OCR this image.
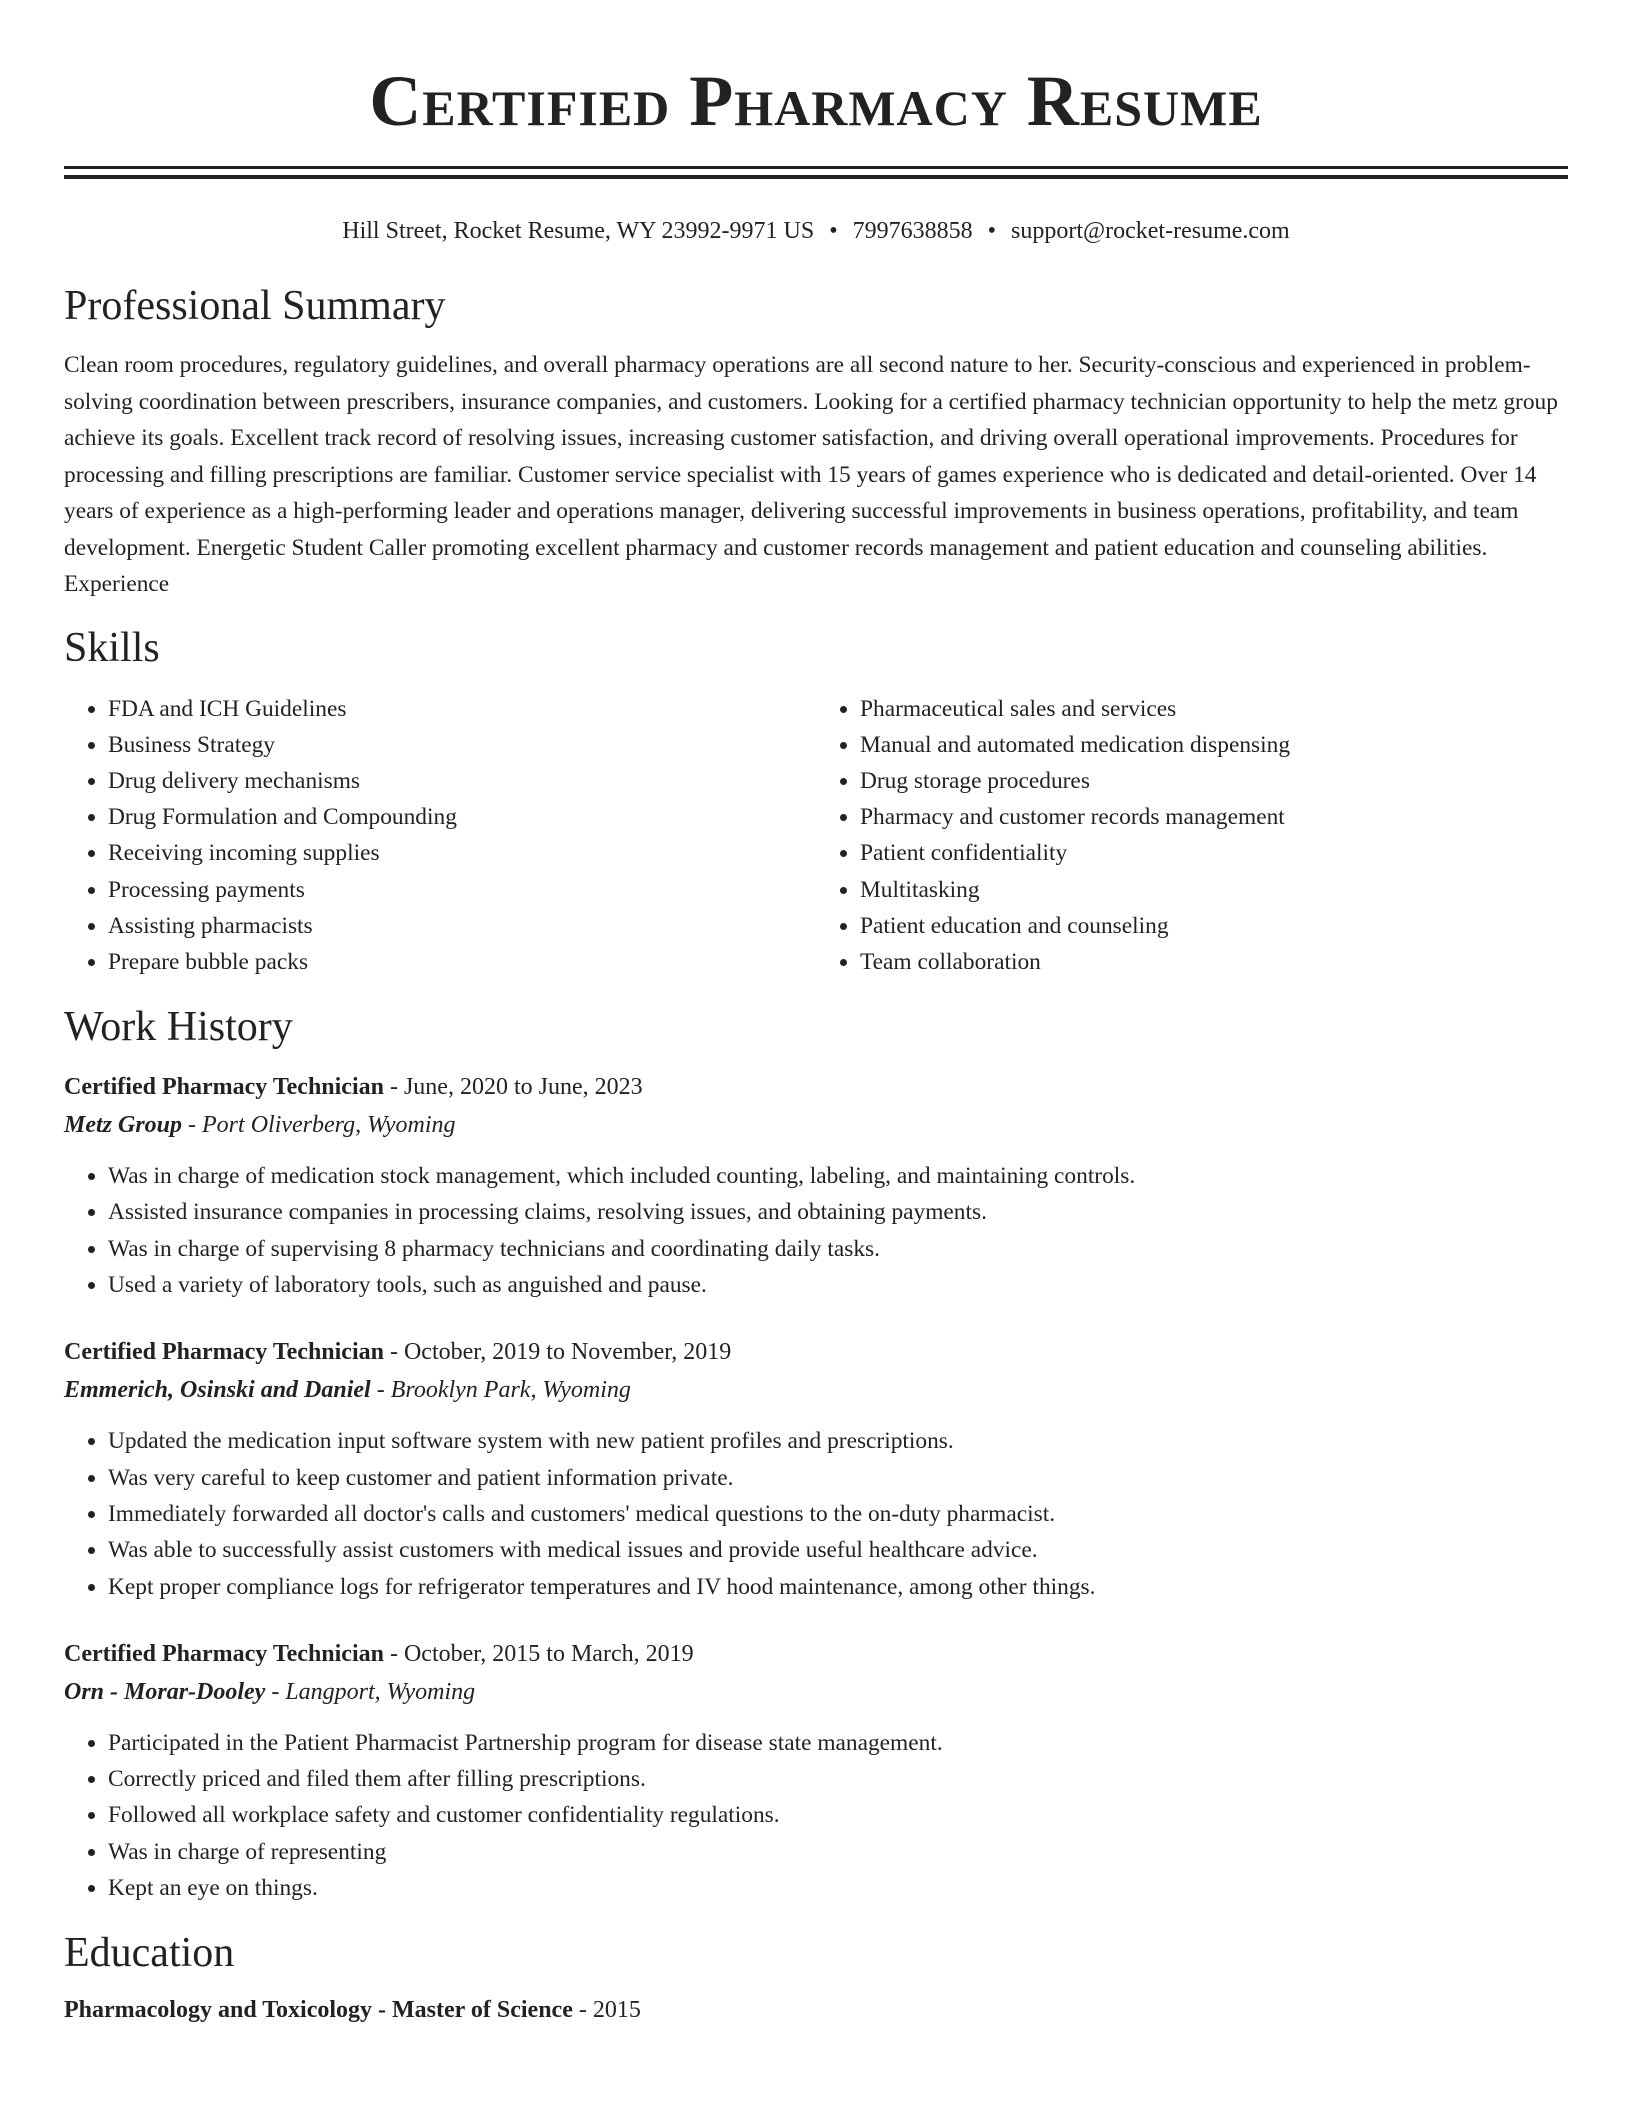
Certified Pharmacy Resume
Hill Street, Rocket Resume, WY 23992-9971 US • 7997638858 • support@rocket-resume.com
Professional Summary

Clean room procedures, regulatory guidelines, and overall pharmacy operations are all second nature to her. Security-conscious and experienced in problem-solving coordination between prescribers, insurance companies, and customers. Looking for a certified pharmacy technician opportunity to help the metz group achieve its goals. Excellent track record of resolving issues, increasing customer satisfaction, and driving overall operational improvements. Procedures for processing and filling prescriptions are familiar. Customer service specialist with 15 years of games experience who is dedicated and detail-oriented. Over 14 years of experience as a high-performing leader and operations manager, delivering successful improvements in business operations, profitability, and team development. Energetic Student Caller promoting excellent pharmacy and customer records management and patient education and counseling abilities. Experience

Skills
• FDA and ICH Guidelines
• Business Strategy
• Drug delivery mechanisms
• Drug Formulation and Compounding
• Receiving incoming supplies
• Processing payments
• Assisting pharmacists
• Prepare bubble packs
• Pharmaceutical sales and services
• Manual and automated medication dispensing
• Drug storage procedures
• Pharmacy and customer records management
• Patient confidentiality
• Multitasking
• Patient education and counseling
• Team collaboration
Work History

Certified Pharmacy Technician - June, 2020 to June, 2023

Metz Group - Port Oliverberg, Wyoming

• Was in charge of medication stock management, which included counting, labeling, and maintaining controls.
• Assisted insurance companies in processing claims, resolving issues, and obtaining payments.
• Was in charge of supervising 8 pharmacy technicians and coordinating daily tasks.
• Used a variety of laboratory tools, such as anguished and pause.

Certified Pharmacy Technician - October, 2019 to November, 2019

Emmerich, Osinski and Daniel - Brooklyn Park, Wyoming

• Updated the medication input software system with new patient profiles and prescriptions.
• Was very careful to keep customer and patient information private.
• Immediately forwarded all doctor's calls and customers' medical questions to the on-duty pharmacist.
• Was able to successfully assist customers with medical issues and provide useful healthcare advice.
• Kept proper compliance logs for refrigerator temperatures and IV hood maintenance, among other things.

Certified Pharmacy Technician - October, 2015 to March, 2019

Orn - Morar-Dooley - Langport, Wyoming

• Participated in the Patient Pharmacist Partnership program for disease state management.
• Correctly priced and filed them after filling prescriptions.
• Followed all workplace safety and customer confidentiality regulations.
• Was in charge of representing
• Kept an eye on things.
Education

Pharmacology and Toxicology - Master of Science - 2015
